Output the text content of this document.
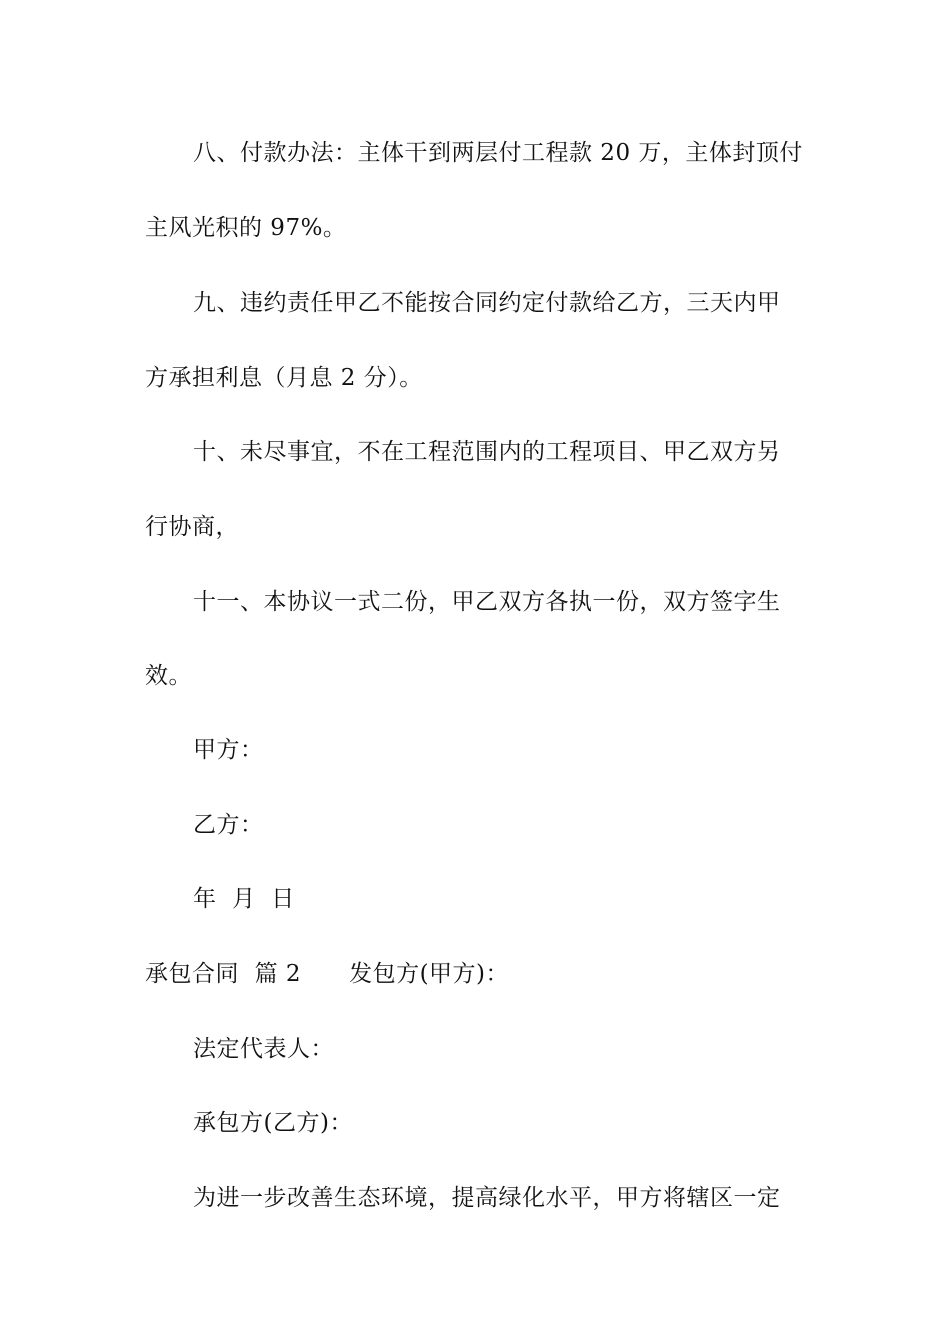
八、付款办法：主体干到两层付工程款 20 万，主体封顶付
主风光积的 97%。
九、违约责任甲乙不能按合同约定付款给乙方，三天内甲
方承担利息（月息 2 分）。
十、未尽事宜，不在工程范围内的工程项目、甲乙双方另
行协商，
十一、本协议一式二份，甲乙双方各执一份，双方签字生
效。
甲方：
乙方：
年  月  日
承包合同  篇 2 发包方(甲方)：
法定代表人：
承包方(乙方)：
为进一步改善生态环境，提高绿化水平，甲方将辖区一定
